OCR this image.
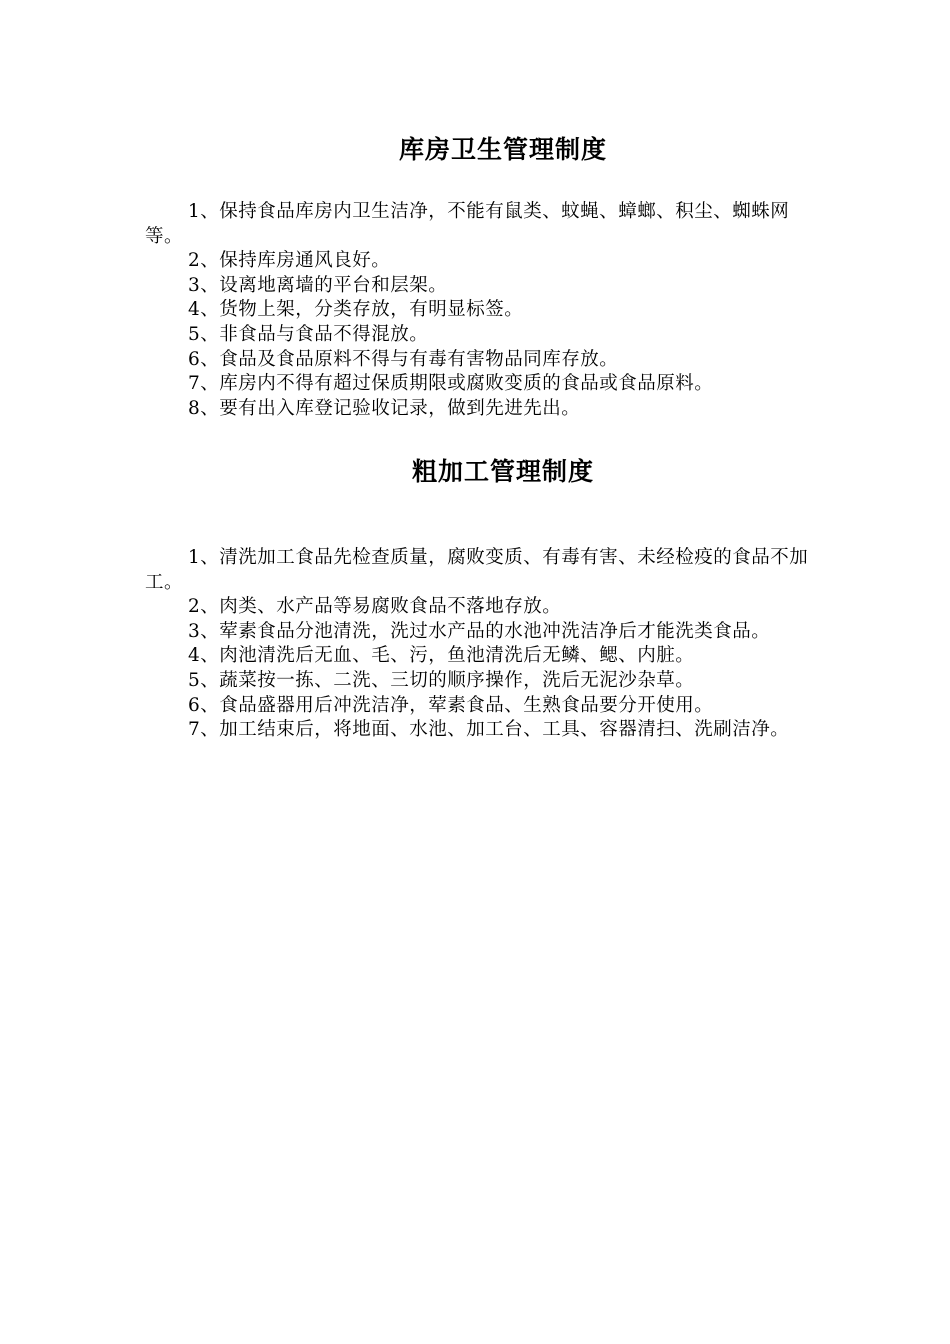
库房卫生管理制度
1、保持食品库房内卫生洁净，不能有鼠类、蚊蝇、蟑螂、积尘、蜘蛛网等。
2、保持库房通风良好。
3、设离地离墙的平台和层架。
4、货物上架，分类存放，有明显标签。
5、非食品与食品不得混放。
6、食品及食品原料不得与有毒有害物品同库存放。
7、库房内不得有超过保质期限或腐败变质的食品或食品原料。
8、要有出入库登记验收记录，做到先进先出。
粗加工管理制度
1、清洗加工食品先检查质量，腐败变质、有毒有害、未经检疫的食品不加工。
2、肉类、水产品等易腐败食品不落地存放。
3、荤素食品分池清洗，洗过水产品的水池冲洗洁净后才能洗类食品。
4、肉池清洗后无血、毛、污，鱼池清洗后无鳞、鳃、内脏。
5、蔬菜按一拣、二洗、三切的顺序操作，洗后无泥沙杂草。
6、食品盛器用后冲洗洁净，荤素食品、生熟食品要分开使用。
7、加工结束后，将地面、水池、加工台、工具、容器清扫、洗刷洁净。
